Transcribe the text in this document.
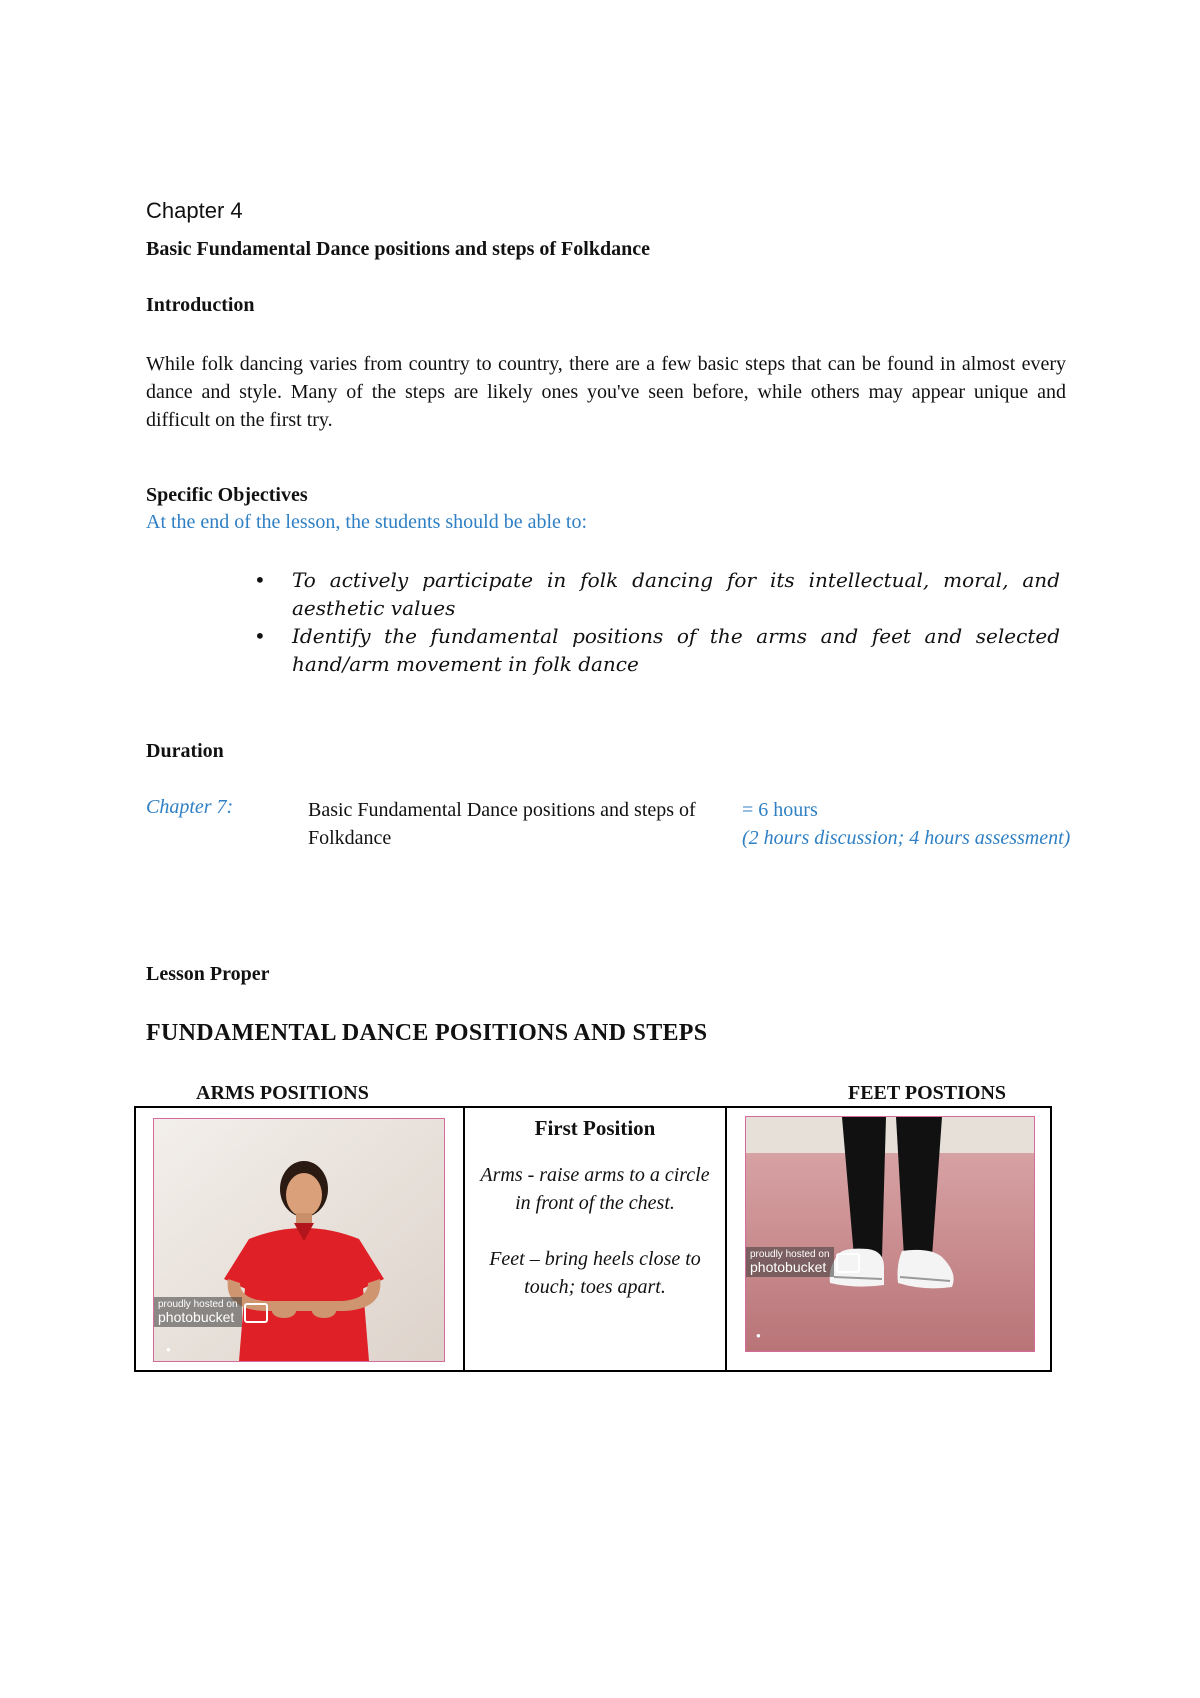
Chapter 4
Basic Fundamental Dance positions and steps of Folkdance
Introduction
While folk dancing varies from country to country, there are a few basic steps that can be found in almost every dance and style. Many of the steps are likely ones you've seen before, while others may appear unique and difficult on the first try.
Specific Objectives
At the end of the lesson, the students should be able to:
• To actively participate in folk dancing for its intellectual, moral, and aesthetic values
• Identify the fundamental positions of the arms and feet and selected hand/arm movement in folk dance
Duration
Chapter 7:	Basic Fundamental Dance positions and steps of Folkdance
= 6 hours
(2 hours discussion; 4 hours assessment)
Lesson Proper
FUNDAMENTAL DANCE POSITIONS AND STEPS
ARMS POSITIONS	FEET POSTIONS
proudly hosted on
photobucket
●
First Position
Arms - raise arms to a circle in front of the chest.
Feet – bring heels close to touch; toes apart.
proudly hosted on
photobucket
●
